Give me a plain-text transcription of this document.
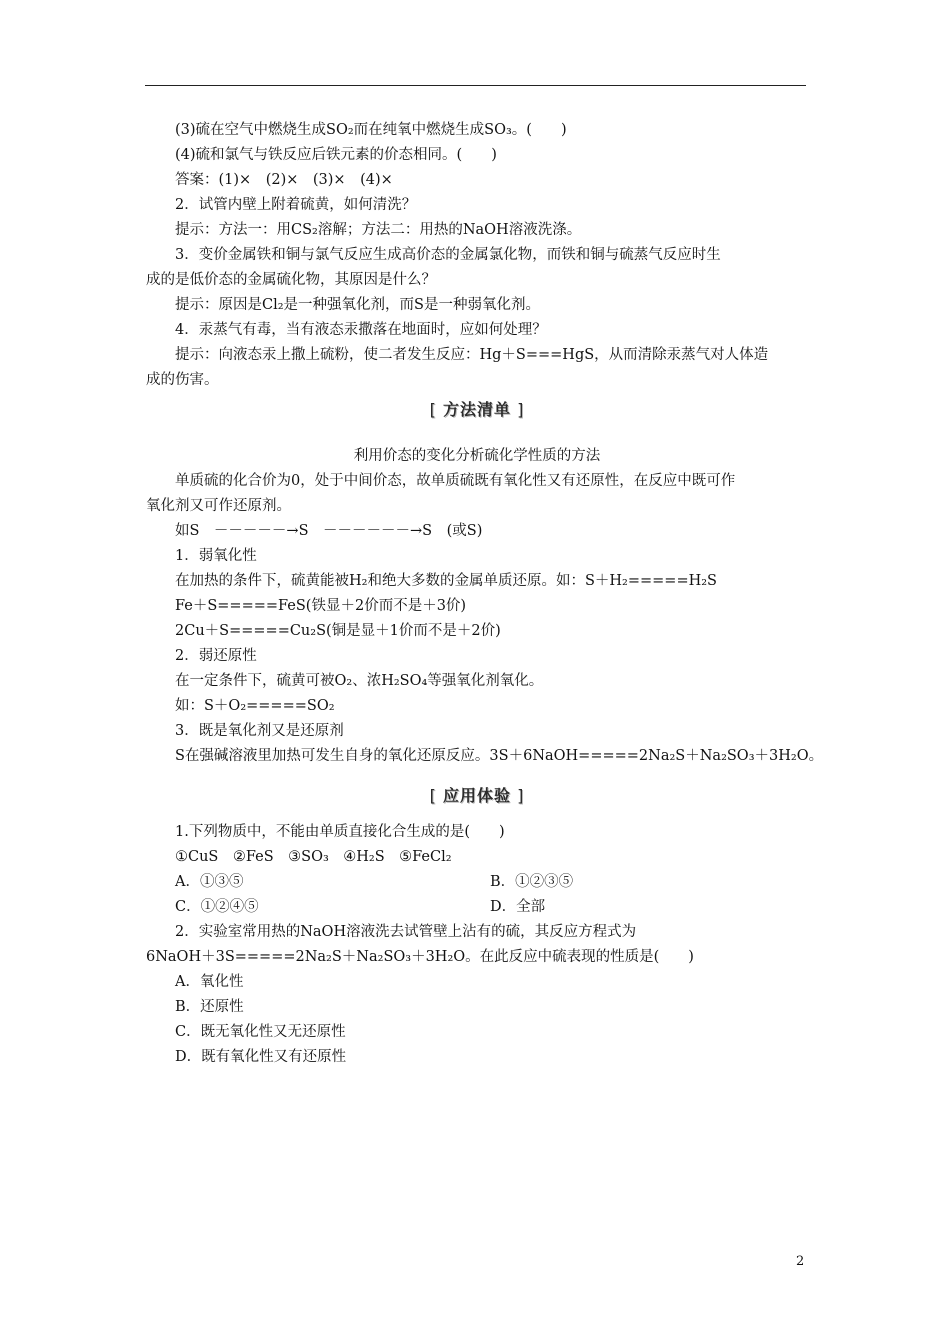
(3)硫在空气中燃烧生成SO₂而在纯氧中燃烧生成SO₃。(　　)
(4)硫和氯气与铁反应后铁元素的价态相同。(　　)
答案：(1)×　(2)×　(3)×　(4)×
2．试管内壁上附着硫黄，如何清洗？
提示：方法一：用CS₂溶解；方法二：用热的NaOH溶液洗涤。
3．变价金属铁和铜与氯气反应生成高价态的金属氯化物，而铁和铜与硫蒸气反应时生
成的是低价态的金属硫化物，其原因是什么？
提示：原因是Cl₂是一种强氧化剂，而S是一种弱氧化剂。
4．汞蒸气有毒，当有液态汞撒落在地面时，应如何处理？
提示：向液态汞上撒上硫粉，使二者发生反应：Hg＋S===HgS，从而清除汞蒸气对人体造
成的伤害。
[ 方法清单 ]
利用价态的变化分析硫化学性质的方法
单质硫的化合价为0，处于中间价态，故单质硫既有氧化性又有还原性，在反应中既可作
氧化剂又可作还原剂。
如S　－－－－－→S　－－－－－－→S　(或S)
1．弱氧化性
在加热的条件下，硫黄能被H₂和绝大多数的金属单质还原。如：S＋H₂=====H₂S
Fe＋S=====FeS(铁显＋2价而不是＋3价)
2Cu＋S=====Cu₂S(铜是显＋1价而不是＋2价)
2．弱还原性
在一定条件下，硫黄可被O₂、浓H₂SO₄等强氧化剂氧化。
如：S＋O₂=====SO₂
3．既是氧化剂又是还原剂
S在强碱溶液里加热可发生自身的氧化还原反应。3S＋6NaOH=====2Na₂S＋Na₂SO₃＋3H₂O。
[ 应用体验 ]
1.下列物质中，不能由单质直接化合生成的是(　　)
①CuS　②FeS　③SO₃　④H₂S　⑤FeCl₂
A．①③⑤	B．①②③⑤
C．①②④⑤	D．全部
2．实验室常用热的NaOH溶液洗去试管壁上沾有的硫，其反应方程式为
6NaOH＋3S=====2Na₂S＋Na₂SO₃＋3H₂O。在此反应中硫表现的性质是(　　)
A．氧化性
B．还原性
C．既无氧化性又无还原性
D．既有氧化性又有还原性
2
